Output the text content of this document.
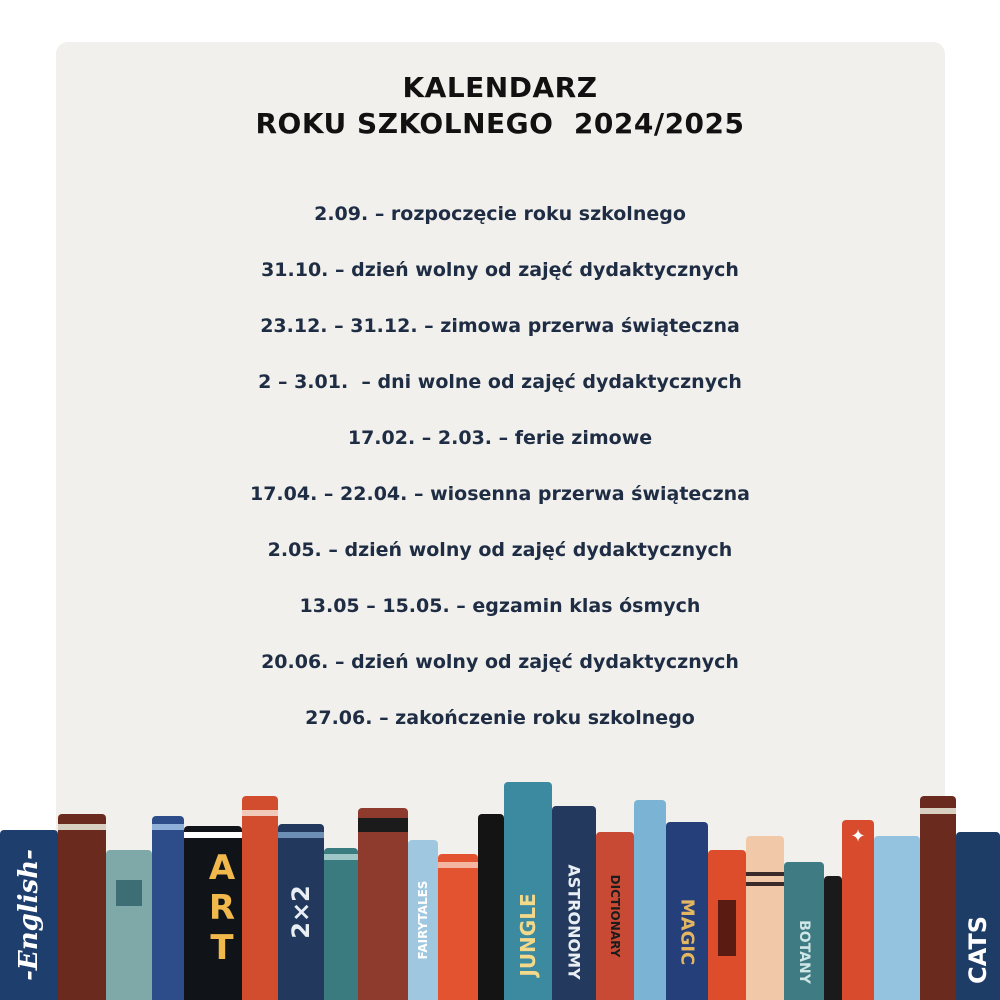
KALENDARZ
ROKU SZKOLNEGO  2024/2025
2.09. – rozpoczęcie roku szkolnego
31.10. – dzień wolny od zajęć dydaktycznych
23.12. – 31.12. – zimowa przerwa świąteczna
2 – 3.01.  – dni wolne od zajęć dydaktycznych
17.02. – 2.03. – ferie zimowe
17.04. – 22.04. – wiosenna przerwa świąteczna
2.05. – dzień wolny od zajęć dydaktycznych
13.05 – 15.05. – egzamin klas ósmych
20.06. – dzień wolny od zajęć dydaktycznych
27.06. – zakończenie roku szkolnego
-English-	ART 2×2	FAIRYTALES	JUNGLE ASTRONOMY DICTIONARY	MAGIC	BOTANY
✦
CATS
